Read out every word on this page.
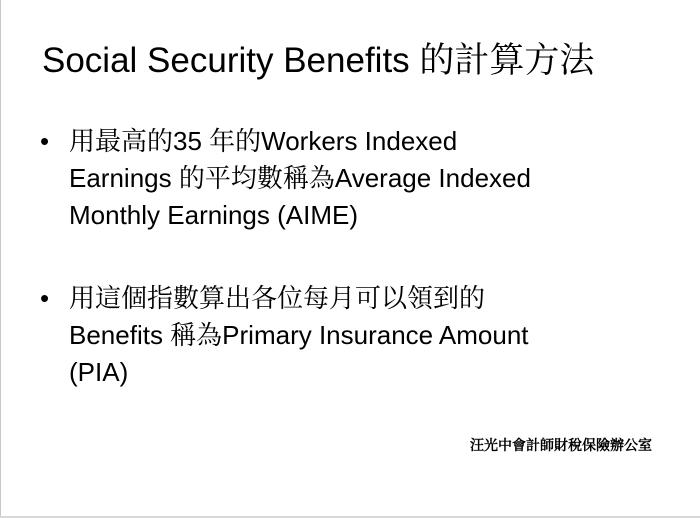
Social Security Benefits 的計算方法
• 用最高的35 年的Workers Indexed
Earnings 的平均數稱為Average Indexed
Monthly Earnings (AIME)
• 用這個指數算出各位每月可以領到的
Benefits 稱為Primary Insurance Amount
(PIA)
汪光中會計師財稅保險辦公室
